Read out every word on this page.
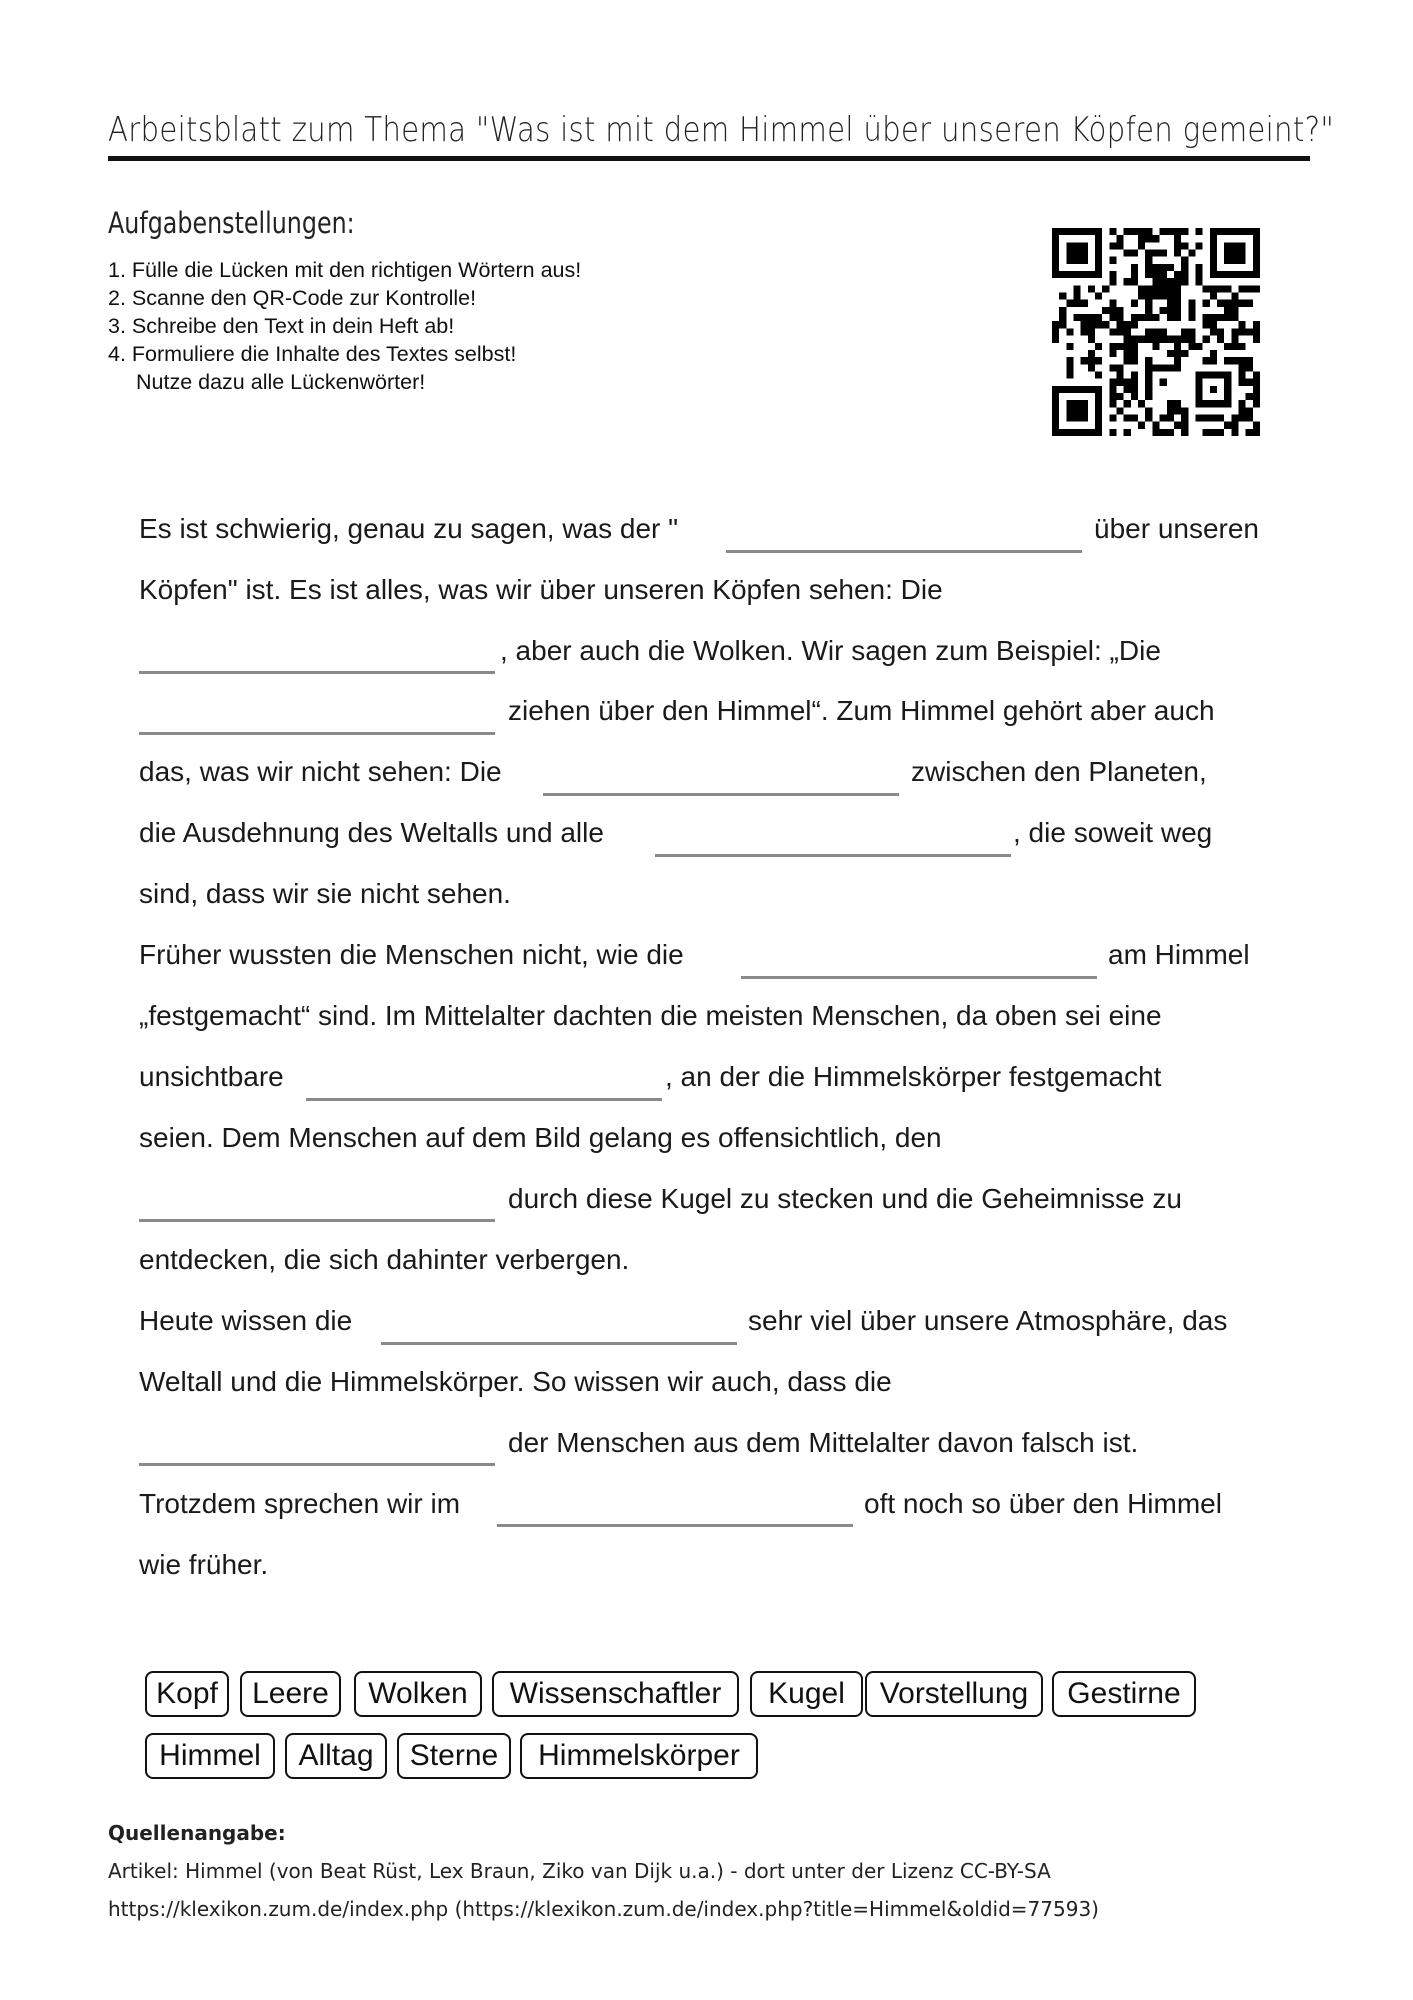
Arbeitsblatt zum Thema "Was ist mit dem Himmel über unseren Köpfen gemeint?"
Aufgabenstellungen:
1. Fülle die Lücken mit den richtigen Wörtern aus!
2. Scanne den QR-Code zur Kontrolle!
3. Schreibe den Text in dein Heft ab!
4. Formuliere die Inhalte des Textes selbst!
Nutze dazu alle Lückenwörter!
Es ist schwierig, genau zu sagen, was der "	über unseren
Köpfen" ist. Es ist alles, was wir über unseren Köpfen sehen: Die
, aber auch die Wolken. Wir sagen zum Beispiel: „Die
ziehen über den Himmel“. Zum Himmel gehört aber auch
das, was wir nicht sehen: Die	zwischen den Planeten,
die Ausdehnung des Weltalls und alle	, die soweit weg
sind, dass wir sie nicht sehen.
Früher wussten die Menschen nicht, wie die	am Himmel
„festgemacht“ sind. Im Mittelalter dachten die meisten Menschen, da oben sei eine
unsichtbare	, an der die Himmelskörper festgemacht
seien. Dem Menschen auf dem Bild gelang es offensichtlich, den
durch diese Kugel zu stecken und die Geheimnisse zu
entdecken, die sich dahinter verbergen.
Heute wissen die	sehr viel über unsere Atmosphäre, das
Weltall und die Himmelskörper. So wissen wir auch, dass die
der Menschen aus dem Mittelalter davon falsch ist.
Trotzdem sprechen wir im	oft noch so über den Himmel
wie früher.
Kopf	Leere	Wolken	Wissenschaftler	Kugel	Vorstellung	Gestirne
Himmel	Alltag	Sterne	Himmelskörper
Quellenangabe:
Artikel: Himmel (von Beat Rüst, Lex Braun, Ziko van Dijk u.a.) - dort unter der Lizenz CC-BY-SA
https://klexikon.zum.de/index.php (https://klexikon.zum.de/index.php?title=Himmel&oldid=77593)
